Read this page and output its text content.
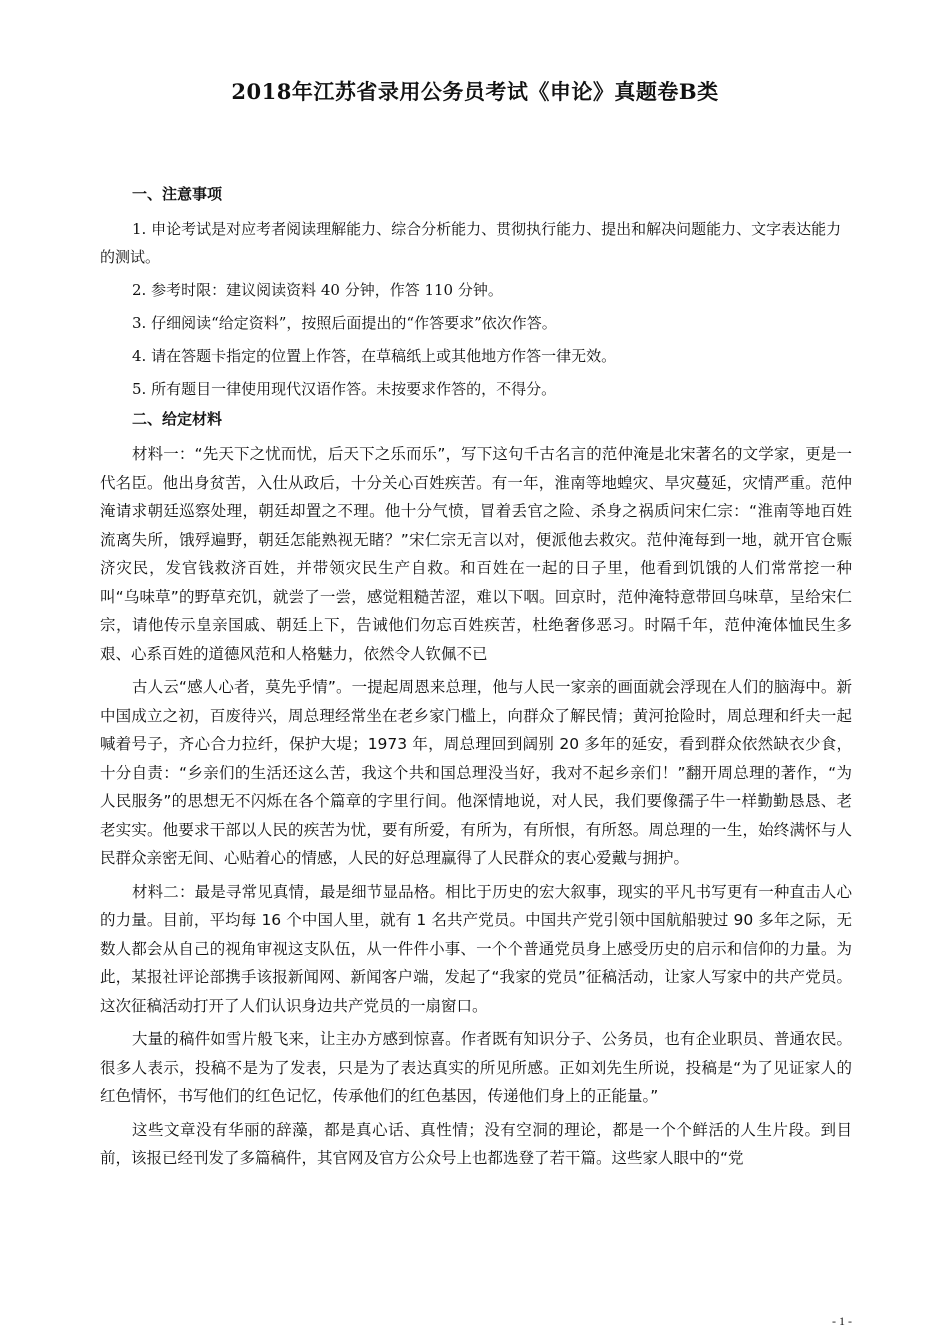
2018年江苏省录用公务员考试《申论》真题卷B类
一、注意事项

1. 申论考试是对应考者阅读理解能力、综合分析能力、贯彻执行能力、提出和解决问题能力、文字表达能力的测试。

2. 参考时限：建议阅读资料 40 分钟，作答 110 分钟。

3. 仔细阅读“给定资料”，按照后面提出的“作答要求”依次作答。

4. 请在答题卡指定的位置上作答，在草稿纸上或其他地方作答一律无效。

5. 所有题目一律使用现代汉语作答。未按要求作答的，不得分。

二、给定材料

材料一：“先天下之忧而忧，后天下之乐而乐”，写下这句千古名言的范仲淹是北宋著名的文学家，更是一代名臣。他出身贫苦，入仕从政后，十分关心百姓疾苦。有一年，淮南等地蝗灾、旱灾蔓延，灾情严重。范仲淹请求朝廷巡察处理，朝廷却置之不理。他十分气愤，冒着丢官之险、杀身之祸质问宋仁宗：“淮南等地百姓流离失所，饿殍遍野，朝廷怎能熟视无睹？”宋仁宗无言以对，便派他去救灾。范仲淹每到一地，就开官仓赈济灾民，发官钱救济百姓，并带领灾民生产自救。和百姓在一起的日子里，他看到饥饿的人们常常挖一种叫“乌味草”的野草充饥，就尝了一尝，感觉粗糙苦涩，难以下咽。回京时，范仲淹特意带回乌味草，呈给宋仁宗，请他传示皇亲国戚、朝廷上下，告诫他们勿忘百姓疾苦，杜绝奢侈恶习。时隔千年，范仲淹体恤民生多艰、心系百姓的道德风范和人格魅力，依然令人钦佩不已

古人云“感人心者，莫先乎情”。一提起周恩来总理，他与人民一家亲的画面就会浮现在人们的脑海中。新中国成立之初，百废待兴，周总理经常坐在老乡家门槛上，向群众了解民情；黄河抢险时，周总理和纤夫一起喊着号子，齐心合力拉纤，保护大堤；1973 年，周总理回到阔别 20 多年的延安，看到群众依然缺衣少食，十分自责：“乡亲们的生活还这么苦，我这个共和国总理没当好，我对不起乡亲们！”翻开周总理的著作，“为人民服务”的思想无不闪烁在各个篇章的字里行间。他深情地说，对人民，我们要像孺子牛一样勤勤恳恳、老老实实。他要求干部以人民的疾苦为忧，要有所爱，有所为，有所恨，有所怒。周总理的一生，始终满怀与人民群众亲密无间、心贴着心的情感，人民的好总理赢得了人民群众的衷心爱戴与拥护。

材料二：最是寻常见真情，最是细节显品格。相比于历史的宏大叙事，现实的平凡书写更有一种直击人心的力量。目前，平均每 16 个中国人里，就有 1 名共产党员。中国共产党引领中国航船驶过 90 多年之际，无数人都会从自己的视角审视这支队伍，从一件件小事、一个个普通党员身上感受历史的启示和信仰的力量。为此，某报社评论部携手该报新闻网、新闻客户端，发起了“我家的党员”征稿活动，让家人写家中的共产党员。这次征稿活动打开了人们认识身边共产党员的一扇窗口。

大量的稿件如雪片般飞来，让主办方感到惊喜。作者既有知识分子、公务员，也有企业职员、普通农民。很多人表示，投稿不是为了发表，只是为了表达真实的所见所感。正如刘先生所说，投稿是“为了见证家人的红色情怀，书写他们的红色记忆，传承他们的红色基因，传递他们身上的正能量。”

这些文章没有华丽的辞藻，都是真心话、真性情；没有空洞的理论，都是一个个鲜活的人生片段。到目前，该报已经刊发了多篇稿件，其官网及官方公众号上也都选登了若干篇。这些家人眼中的“党

- 1 -
